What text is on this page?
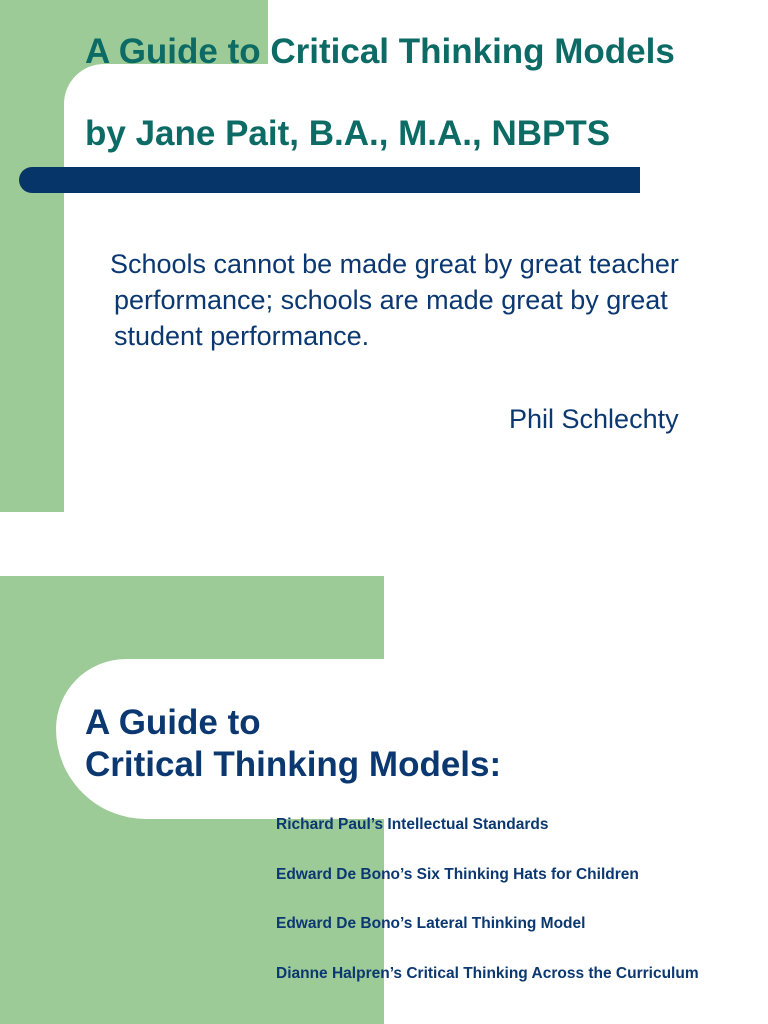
A Guide to Critical Thinking Models
by Jane Pait, B.A., M.A., NBPTS

Schools cannot be made great by great teacher
performance; schools are made great by great
student performance.

Phil Schlechty

A Guide to
Critical Thinking Models:
Richard Paul’s Intellectual Standards
Edward De Bono’s Six Thinking Hats for Children
Edward De Bono’s Lateral Thinking Model
Dianne Halpren’s Critical Thinking Across the Curriculum
